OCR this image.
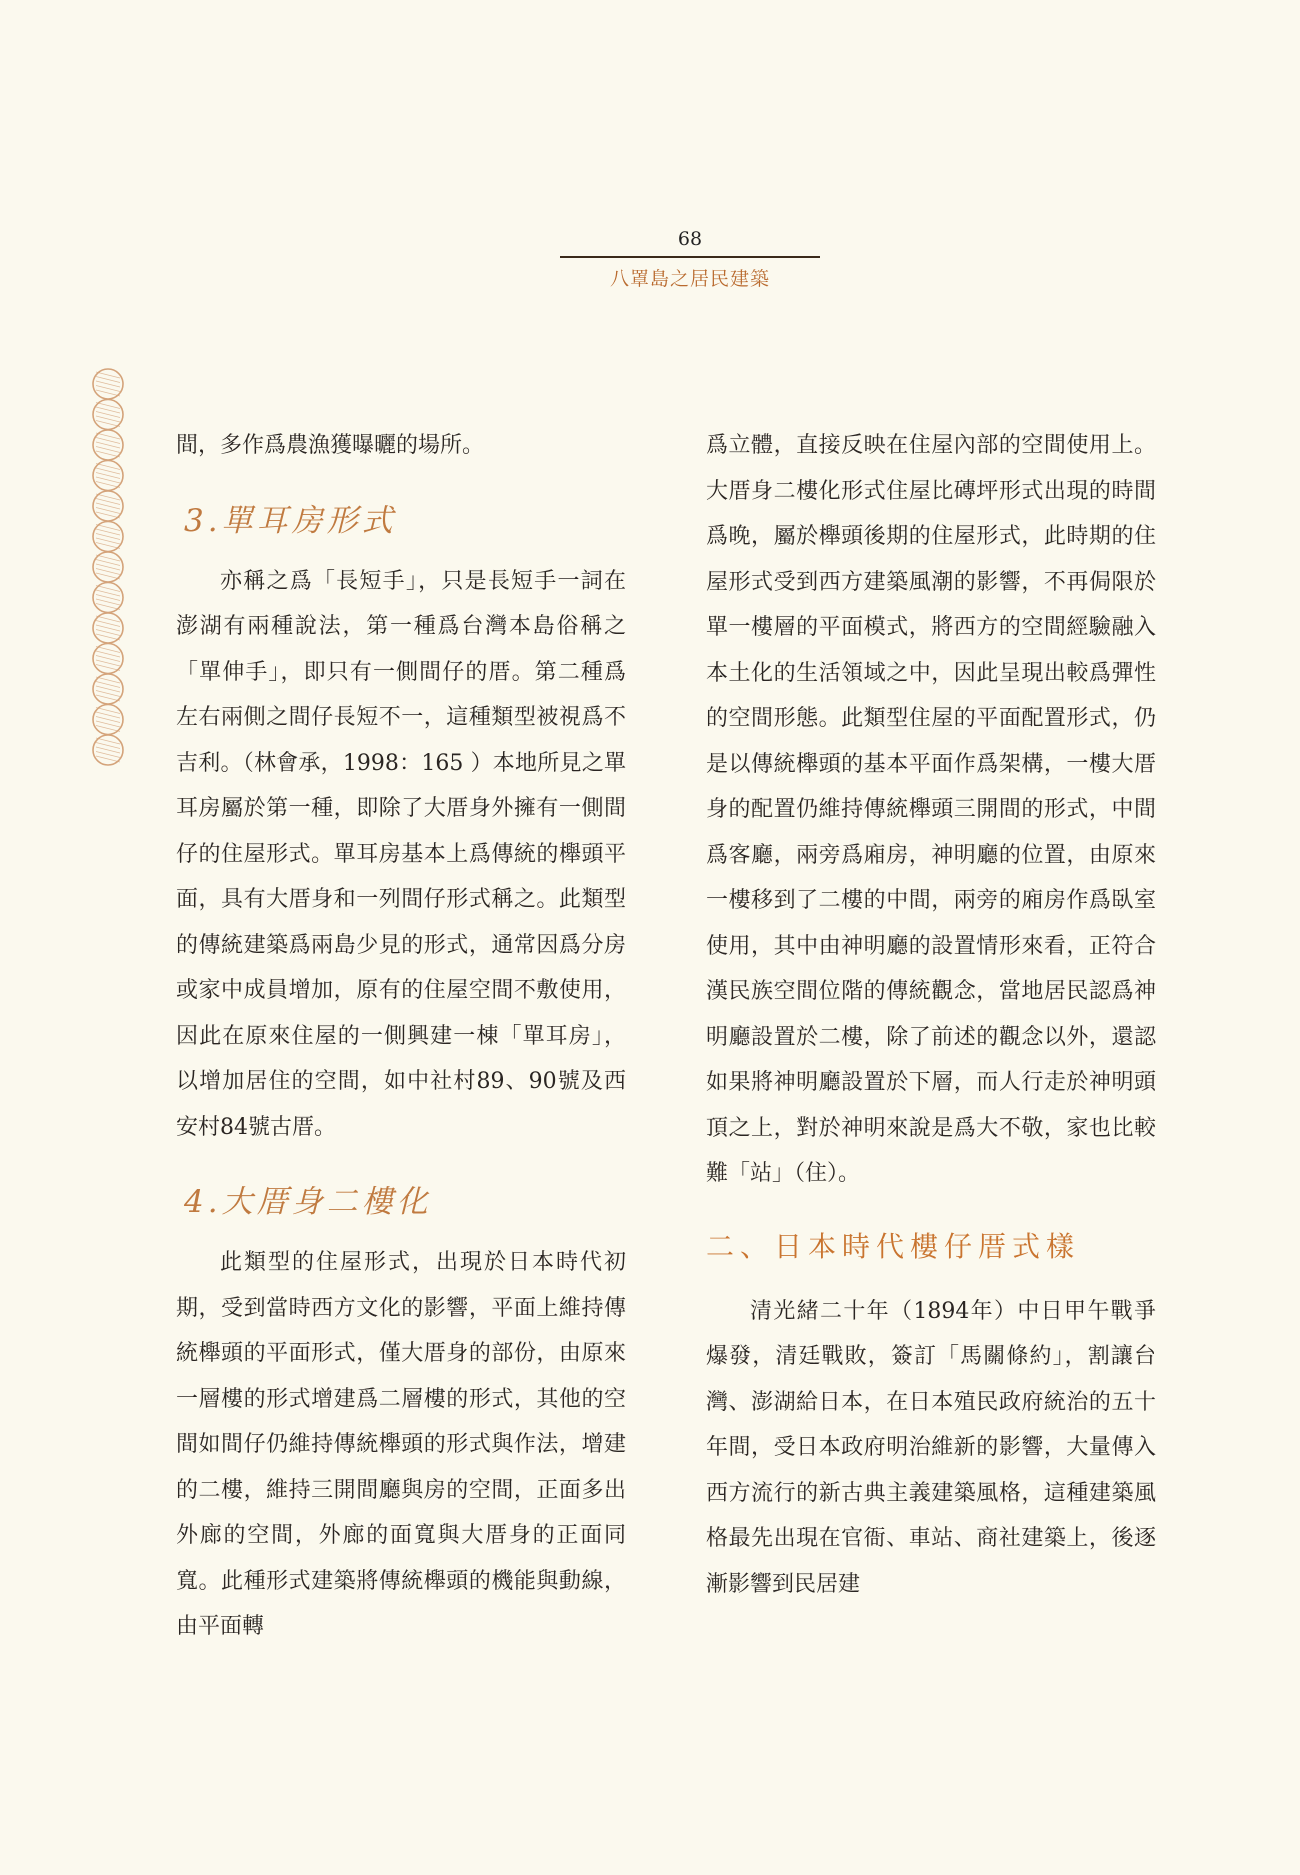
68
八罩島之居民建築

間，多作爲農漁獲曝曬的場所。

3.單耳房形式

亦稱之爲「長短手」，只是長短手一詞在澎湖有兩種說法，第一種爲台灣本島俗稱之「單伸手」，即只有一側間仔的厝。第二種爲左右兩側之間仔長短不一，這種類型被視爲不吉利。（林會承，1998：165 ）本地所見之單耳房屬於第一種，即除了大厝身外擁有一側間仔的住屋形式。單耳房基本上爲傳統的櫸頭平面，具有大厝身和一列間仔形式稱之。此類型的傳統建築爲兩島少見的形式，通常因爲分房或家中成員增加，原有的住屋空間不敷使用，因此在原來住屋的一側興建一棟「單耳房」，以增加居住的空間，如中社村89、90號及西安村84號古厝。

4.大厝身二樓化

此類型的住屋形式，出現於日本時代初期，受到當時西方文化的影響，平面上維持傳統櫸頭的平面形式，僅大厝身的部份，由原來一層樓的形式增建爲二層樓的形式，其他的空間如間仔仍維持傳統櫸頭的形式與作法，增建的二樓，維持三開間廳與房的空間，正面多出外廊的空間，外廊的面寬與大厝身的正面同寬。此種形式建築將傳統櫸頭的機能與動線，由平面轉

爲立體，直接反映在住屋內部的空間使用上。大厝身二樓化形式住屋比磚坪形式出現的時間爲晚，屬於櫸頭後期的住屋形式，此時期的住屋形式受到西方建築風潮的影響，不再侷限於單一樓層的平面模式，將西方的空間經驗融入本土化的生活領域之中，因此呈現出較爲彈性的空間形態。此類型住屋的平面配置形式，仍是以傳統櫸頭的基本平面作爲架構，一樓大厝身的配置仍維持傳統櫸頭三開間的形式，中間爲客廳，兩旁爲廂房，神明廳的位置，由原來一樓移到了二樓的中間，兩旁的廂房作爲臥室使用，其中由神明廳的設置情形來看，正符合漢民族空間位階的傳統觀念，當地居民認爲神明廳設置於二樓，除了前述的觀念以外，還認如果將神明廳設置於下層，而人行走於神明頭頂之上，對於神明來說是爲大不敬，家也比較難「站」（住）。

二、日本時代樓仔厝式樣

清光緒二十年（1894年）中日甲午戰爭爆發，清廷戰敗，簽訂「馬關條約」，割讓台灣、澎湖給日本，在日本殖民政府統治的五十年間，受日本政府明治維新的影響，大量傳入西方流行的新古典主義建築風格，這種建築風格最先出現在官衙、車站、商社建築上，後逐漸影響到民居建
